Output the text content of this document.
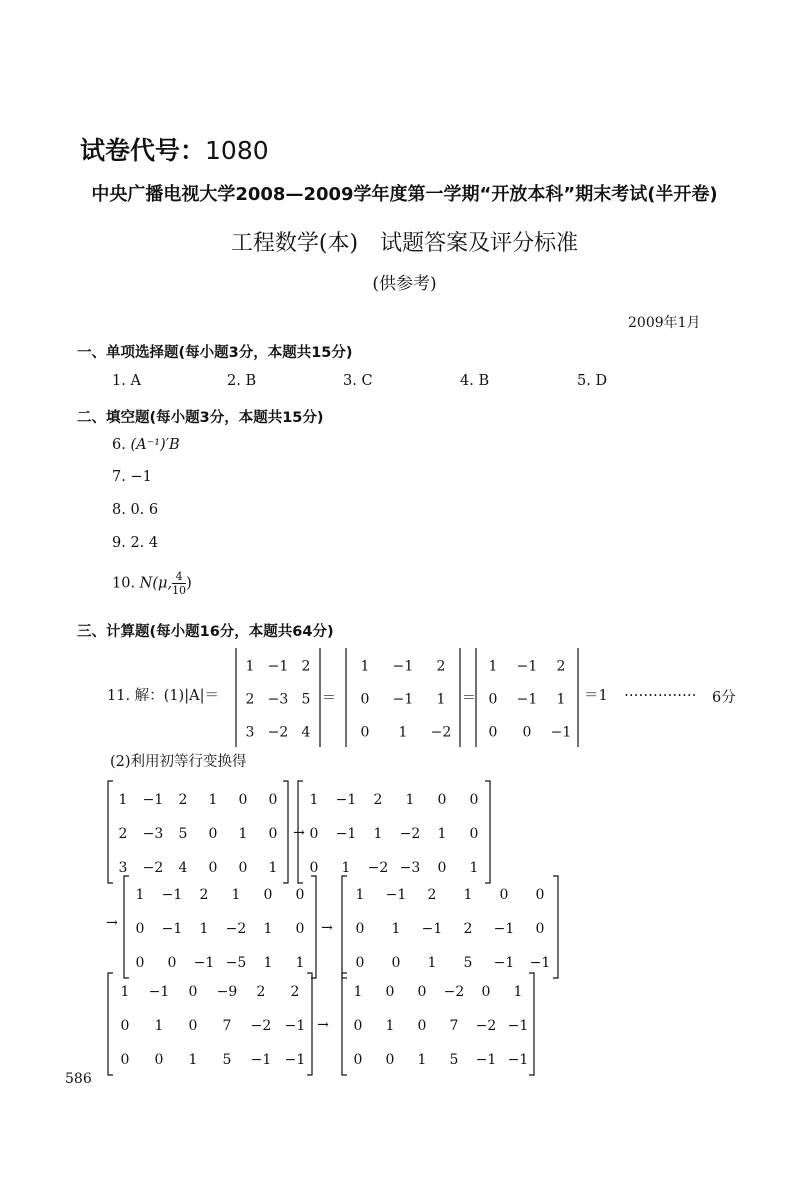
试卷代号：1080
中央广播电视大学2008—2009学年度第一学期“开放本科”期末考试(半开卷)
工程数学(本)　试题答案及评分标准
(供参考)
2009年1月
一、单项选择题(每小题3分，本题共15分)
1. A	2. B	3. C	4. B	5. D
二、填空题(每小题3分，本题共15分)
6. (A⁻¹)′B
7. −1
8. 0. 6
9. 2. 4
10. N(μ, $\frac{4}{10}$ )
三、计算题(每小题16分，本题共64分)
11. 解：(1)|A|＝	＝1 …………… 6分
(2)利用初等行变换得
586
1 −1 2
2 −3 5
3 −2 4
＝
1 −1 2
0 −1 1
0 1 −2
＝
1 −1 2
0 −1 1
0 0 −1
1 −1 2 1 0 0
2 −3 5 0 1 0
3 −2 4 0 0 1
→
1 −1 2 1 0 0
0 −1 1 −2 1 0
0 1 −2 −3 0 1
→
1 −1 2 1 0 0
0 −1 1 −2 1 0
0 0 −1 −5 1 1
→
1 −1 2 1 0 0
0 1 −1 2 −1 0
0 0 1 5 −1 −1
1 −1 0 −9 2 2
0 1 0 7 −2 −1
0 0 1 5 −1 −1
→
1 0 0 −2 0 1
0 1 0 7 −2 −1
0 0 1 5 −1 −1
